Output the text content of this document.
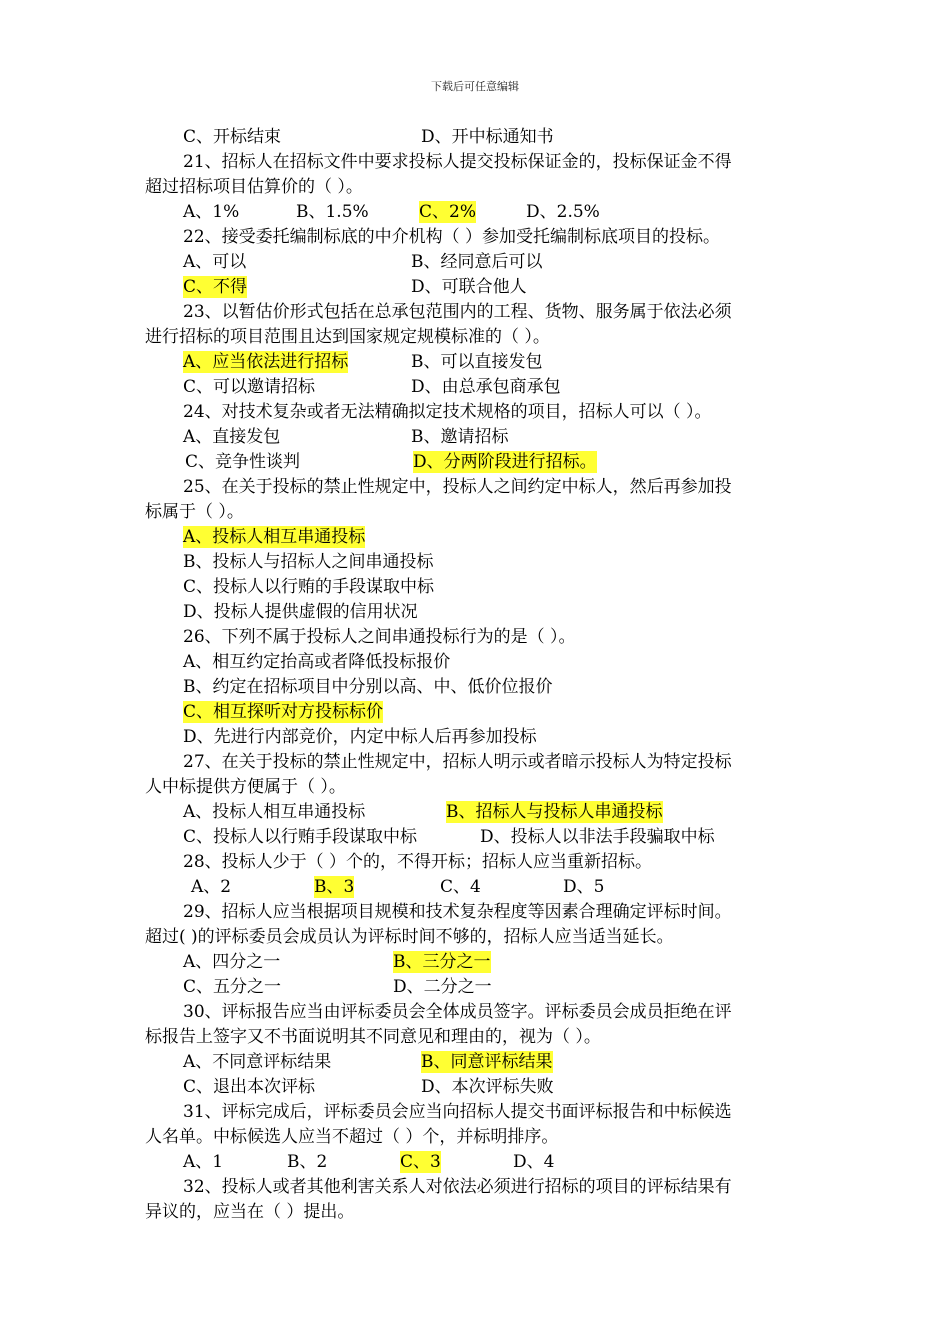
下载后可任意编辑
C、开标结束	D、开中标通知书
21、招标人在招标文件中要求投标人提交投标保证金的，投标保证金不得
超过招标项目估算价的（ ）。
A、1%	B、1.5%	C、2%	D、2.5%
22、接受委托编制标底的中介机构（ ）参加受托编制标底项目的投标。
A、可以	B、经同意后可以
C、不得	D、可联合他人
23、以暂估价形式包括在总承包范围内的工程、货物、服务属于依法必须
进行招标的项目范围且达到国家规定规模标准的（ ）。
A、应当依法进行招标	B、可以直接发包
C、可以邀请招标	D、由总承包商承包
24、对技术复杂或者无法精确拟定技术规格的项目，招标人可以（ ）。
A、直接发包	B、邀请招标
C、竞争性谈判	D、分两阶段进行招标。
25、在关于投标的禁止性规定中，投标人之间约定中标人，然后再参加投
标属于（ ）。
A、投标人相互串通投标
B、投标人与招标人之间串通投标
C、投标人以行贿的手段谋取中标
D、投标人提供虚假的信用状况
26、下列不属于投标人之间串通投标行为的是（ ）。
A、相互约定抬高或者降低投标报价
B、约定在招标项目中分别以高、中、低价位报价
C、相互探听对方投标标价
D、先进行内部竞价，内定中标人后再参加投标
27、在关于投标的禁止性规定中，招标人明示或者暗示投标人为特定投标
人中标提供方便属于（ ）。
A、投标人相互串通投标	B、招标人与投标人串通投标
C、投标人以行贿手段谋取中标	D、投标人以非法手段骗取中标
28、投标人少于（ ）个的，不得开标；招标人应当重新招标。
A、2	B、3	C、4	D、5
29、招标人应当根据项目规模和技术复杂程度等因素合理确定评标时间。
超过( )的评标委员会成员认为评标时间不够的，招标人应当适当延长。
A、四分之一	B、三分之一
C、五分之一	D、二分之一
30、评标报告应当由评标委员会全体成员签字。评标委员会成员拒绝在评
标报告上签字又不书面说明其不同意见和理由的，视为（ ）。
A、不同意评标结果	B、同意评标结果
C、退出本次评标	D、本次评标失败
31、评标完成后，评标委员会应当向招标人提交书面评标报告和中标候选
人名单。中标候选人应当不超过（ ）个，并标明排序。
A、1	B、2	C、3	D、4
32、投标人或者其他利害关系人对依法必须进行招标的项目的评标结果有
异议的，应当在（ ）提出。
